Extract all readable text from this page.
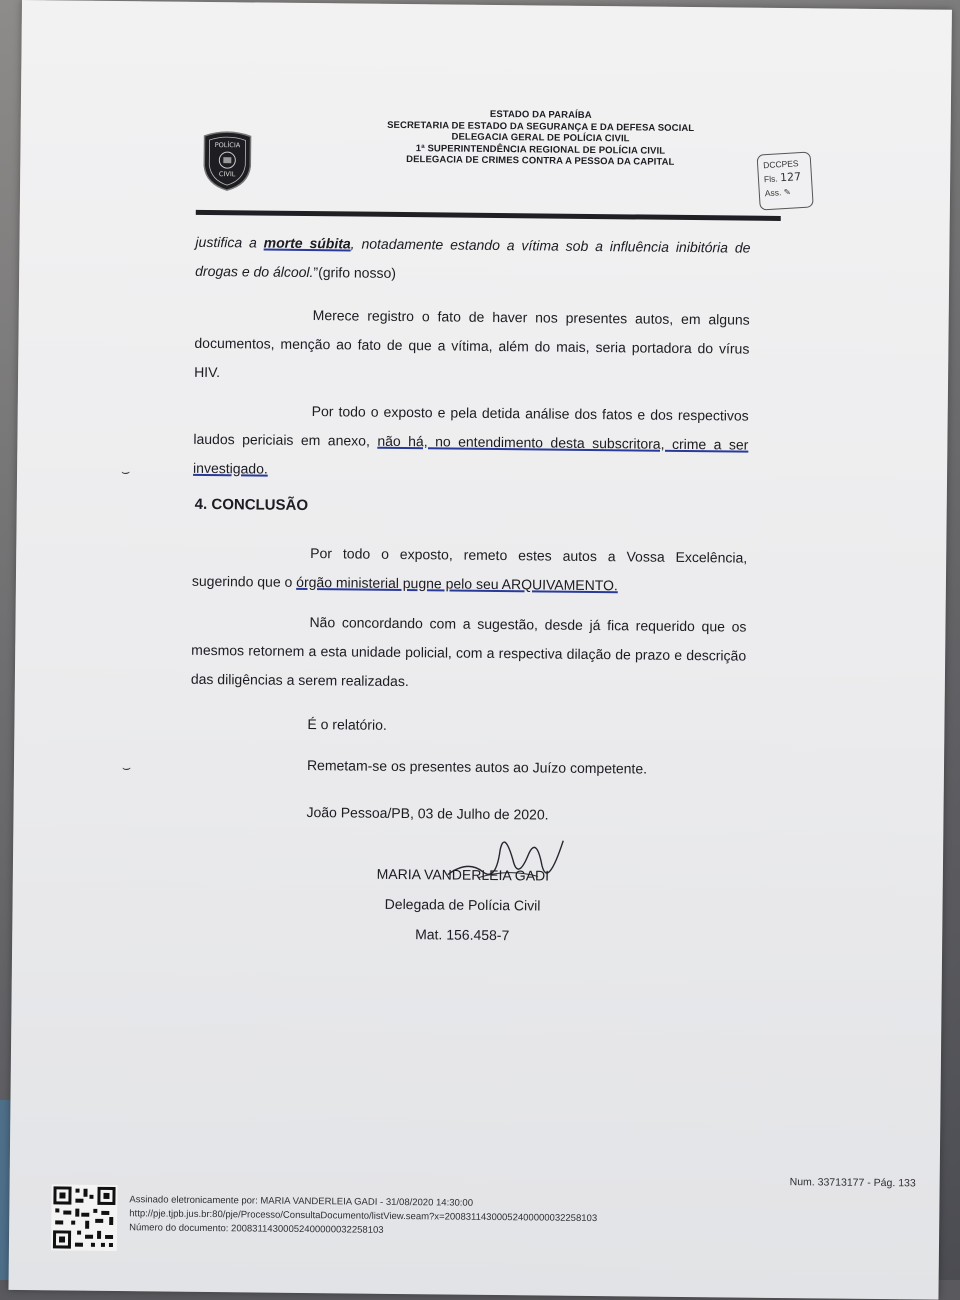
POLÍCIA
CIVIL
ESTADO DA PARAÍBA
SECRETARIA DE ESTADO DA SEGURANÇA E DA DEFESA SOCIAL
DELEGACIA GERAL DE POLÍCIA CIVIL
1ª SUPERINTENDÊNCIA REGIONAL DE POLÍCIA CIVIL
DELEGACIA DE CRIMES CONTRA A PESSOA DA CAPITAL	DCCPES
Fls. 127
Ass. ✎
justifica a morte súbita, notadamente estando a vítima sob a influência inibitória de drogas e do álcool.”(grifo nosso)
Merece registro o fato de haver nos presentes autos, em alguns documentos, menção ao fato de que a vítima, além do mais, seria portadora do vírus HIV.
Por todo o exposto e pela detida análise dos fatos e dos respectivos laudos periciais em anexo, não há, no entendimento desta subscritora, crime a ser investigado.
⌣
4. CONCLUSÃO
Por todo o exposto, remeto estes autos a Vossa Excelência, sugerindo que o órgão ministerial pugne pelo seu ARQUIVAMENTO.
Não concordando com a sugestão, desde já fica requerido que os mesmos retornem a esta unidade policial, com a respectiva dilação de prazo e descrição das diligências a serem realizadas.
É o relatório.
⌣	Remetam-se os presentes autos ao Juízo competente.
João Pessoa/PB, 03 de Julho de 2020.
MARIA VANDERLEIA GADI
Delegada de Polícia Civil
Mat. 156.458-7
Assinado eletronicamente por: MARIA VANDERLEIA GADI - 31/08/2020 14:30:00
http://pje.tjpb.jus.br:80/pje/Processo/ConsultaDocumento/listView.seam?x=20083114300052400000032258103
Número do documento: 20083114300052400000032258103
Num. 33713177 - Pág. 133
